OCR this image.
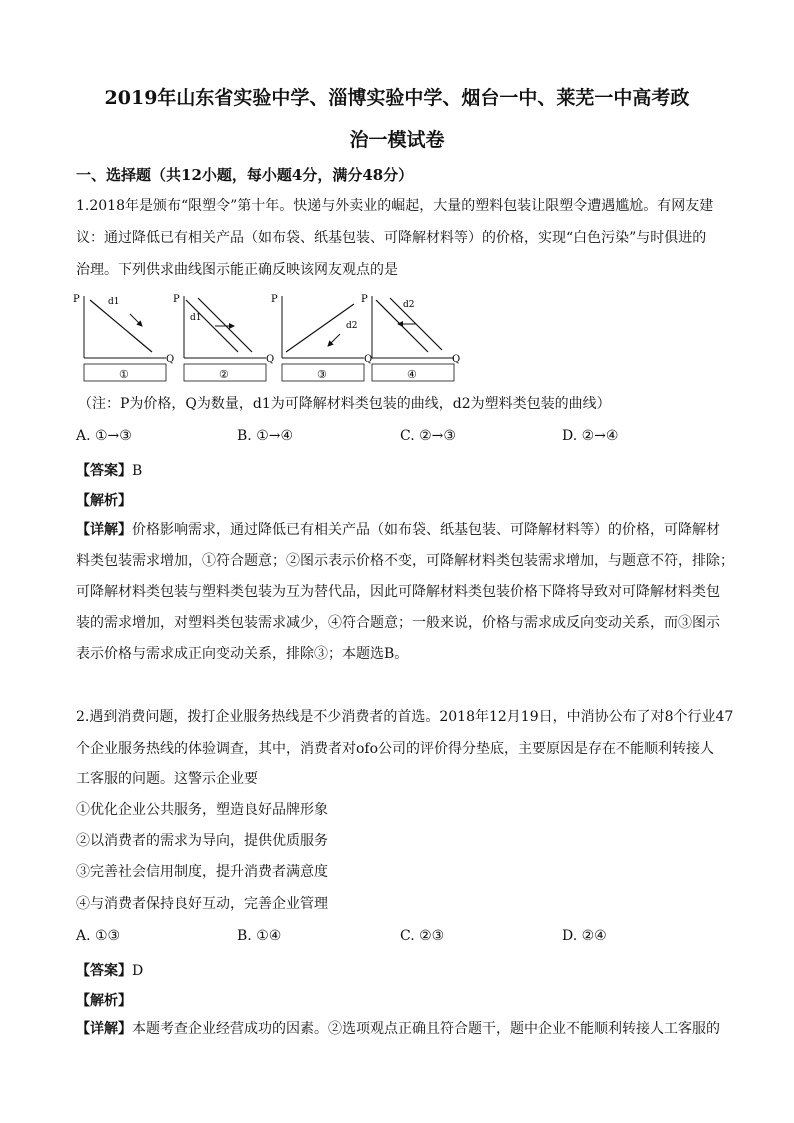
2019年山东省实验中学、淄博实验中学、烟台一中、莱芜一中高考政
治一模试卷
一、选择题（共12小题，每小题4分，满分48分）
1.2018年是颁布“限塑令”第十年。快递与外卖业的崛起，大量的塑料包装让限塑令遭遇尴尬。有网友建
议：通过降低已有相关产品（如布袋、纸基包装、可降解材料等）的价格，实现“白色污染”与时俱进的
治理。下列供求曲线图示能正确反映该网友观点的是
P
Q
d1
①
P
Q
d1
②
P
Q
d2
③
P
Q
d2
④
（注：P为价格，Q为数量，d1为可降解材料类包装的曲线，d2为塑料类包装的曲线）
A. ①→③	B. ①→④	C. ②→③	D. ②→④
【答案】B
【解析】
【详解】价格影响需求，通过降低已有相关产品（如布袋、纸基包装、可降解材料等）的价格，可降解材
料类包装需求增加，①符合题意；②图示表示价格不变，可降解材料类包装需求增加，与题意不符，排除；
可降解材料类包装与塑料类包装为互为替代品，因此可降解材料类包装价格下降将导致对可降解材料类包
装的需求增加，对塑料类包装需求减少，④符合题意；一般来说，价格与需求成反向变动关系，而③图示
表示价格与需求成正向变动关系，排除③；本题选B。
2.遇到消费问题，拨打企业服务热线是不少消费者的首选。2018年12月19日，中消协公布了对8个行业47
个企业服务热线的体验调查，其中，消费者对ofo公司的评价得分垫底，主要原因是存在不能顺利转接人
工客服的问题。这警示企业要
①优化企业公共服务，塑造良好品牌形象
②以消费者的需求为导向，提供优质服务
③完善社会信用制度，提升消费者满意度
④与消费者保持良好互动，完善企业管理
A. ①③	B. ①④	C. ②③	D. ②④
【答案】D
【解析】
【详解】本题考查企业经营成功的因素。②选项观点正确且符合题干，题中企业不能顺利转接人工客服的
